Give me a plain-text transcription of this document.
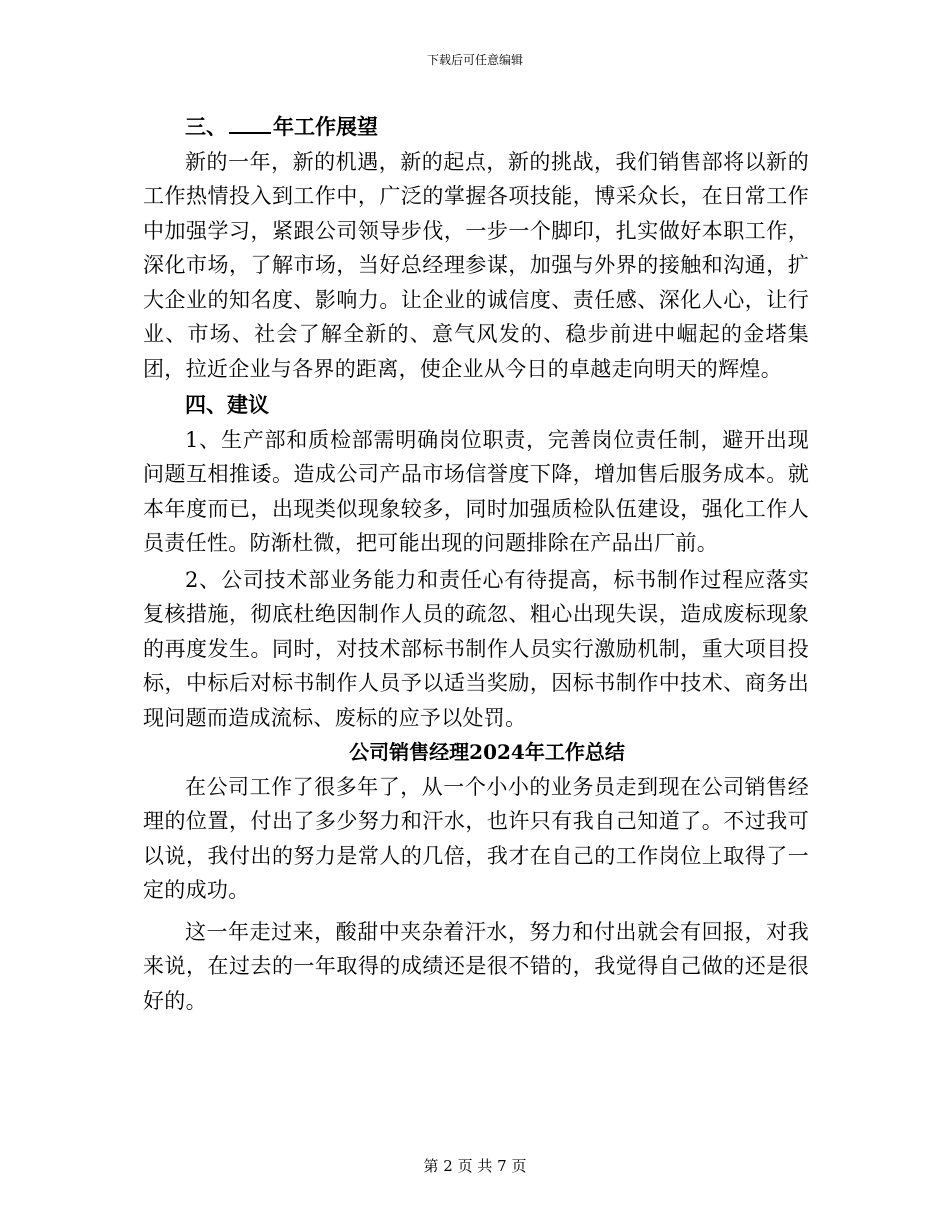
下载后可任意编辑

三、 年工作展望

新的一年，新的机遇，新的起点，新的挑战，我们销售部将以新的工作热情投入到工作中，广泛的掌握各项技能，博采众长，在日常工作中加强学习，紧跟公司领导步伐，一步一个脚印，扎实做好本职工作，深化市场，了解市场，当好总经理参谋，加强与外界的接触和沟通，扩大企业的知名度、影响力。让企业的诚信度、责任感、深化人心，让行业、市场、社会了解全新的、意气风发的、稳步前进中崛起的金塔集团，拉近企业与各界的距离，使企业从今日的卓越走向明天的辉煌。

四、建议

1、生产部和质检部需明确岗位职责，完善岗位责任制，避开出现问题互相推诿。造成公司产品市场信誉度下降，增加售后服务成本。就本年度而已，出现类似现象较多，同时加强质检队伍建设，强化工作人员责任性。防渐杜微，把可能出现的问题排除在产品出厂前。

2、公司技术部业务能力和责任心有待提高，标书制作过程应落实复核措施，彻底杜绝因制作人员的疏忽、粗心出现失误，造成废标现象的再度发生。同时，对技术部标书制作人员实行激励机制，重大项目投标，中标后对标书制作人员予以适当奖励，因标书制作中技术、商务出现问题而造成流标、废标的应予以处罚。

公司销售经理2024年工作总结

在公司工作了很多年了，从一个小小的业务员走到现在公司销售经理的位置，付出了多少努力和汗水，也许只有我自己知道了。不过我可以说，我付出的努力是常人的几倍，我才在自己的工作岗位上取得了一定的成功。

这一年走过来，酸甜中夹杂着汗水，努力和付出就会有回报，对我来说，在过去的一年取得的成绩还是很不错的，我觉得自己做的还是很好的。

第 2 页 共 7 页
